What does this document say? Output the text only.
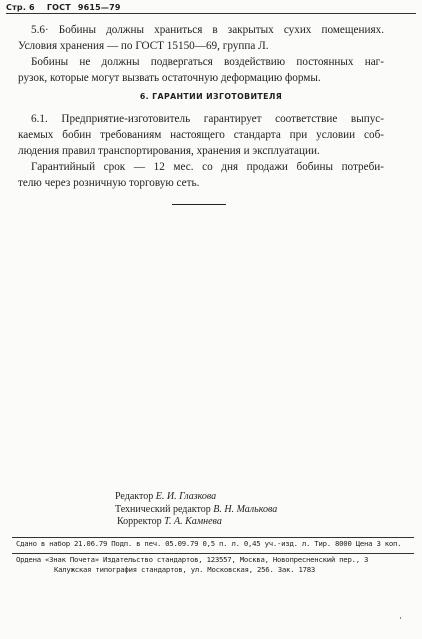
Стр. 6 ГОСТ 9615—79
5.6· Бобины должны храниться в закрытых сухих помещениях.
Условия хранения — по ГОСТ 15150—69, группа Л.
Бобины не должны подвергаться воздействию постоянных наг-
рузок, которые могут вызвать остаточную деформацию формы.
6. ГАРАНТИИ ИЗГОТОВИТЕЛЯ
6.1. Предприятие-изготовитель гарантирует соответствие выпус-
каемых бобин требованиям настоящего стандарта при условии соб-
людения правил транспортирования, хранения и эксплуатации.
Гарантийный срок — 12 мес. со дня продажи бобины потреби-
телю через розничную торговую сеть.
Редактор Е. И. Глазкова
Технический редактор В. Н. Малькова
Корректор Т. А. Камнева
Сдано в набор 21.06.79 Подп. в печ. 05.09.79 0,5 п. л. 0,45 уч.-изд. л. Тир. 8000 Цена 3 коп.
Ордена «Знак Почета» Издательство стандартов, 123557, Москва, Новопресненский пер., 3
Калужская типография стандартов, ул. Московская, 256. Зак. 1783
